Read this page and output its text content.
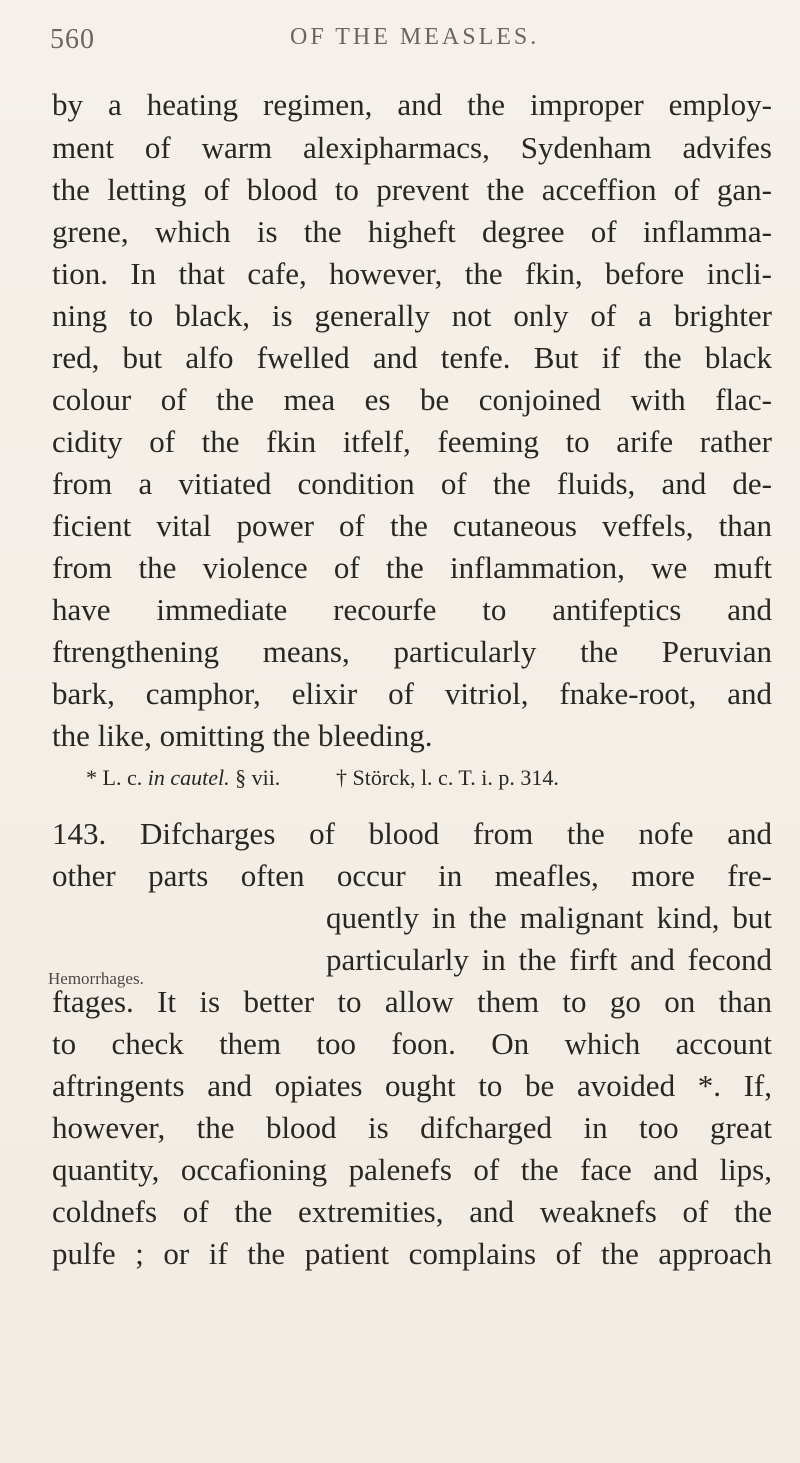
560	OF THE MEASLES.
by a heating regimen, and the improper employ-
ment of warm alexipharmacs, Sydenham advifes
the letting of blood to prevent the acceffion of gan-
grene, which is the higheft degree of inflamma-
tion. In that cafe, however, the fkin, before incli-
ning to black, is generally not only of a brighter
red, but alfo fwelled and tenfe. But if the black
colour of the mea es be conjoined with flac-
cidity of the fkin itfelf, feeming to arife rather
from a vitiated condition of the fluids, and de-
ficient vital power of the cutaneous veffels, than
from the violence of the inflammation, we muft
have immediate recourfe to antifeptics and
ftrengthening means, particularly the Peruvian
bark, camphor, elixir of vitriol, fnake-root, and
the like, omitting the bleeding.
* L. c. in cautel. § vii.	† Störck, l. c. T. i. p. 314.
143. Difcharges of blood from the nofe and
other parts often occur in meafles, more fre-
quently in the malignant kind, but
Hemorrhages.
particularly in the firft and fecond
ftages. It is better to allow them to go on than
to check them too foon. On which account
aftringents and opiates ought to be avoided *. If,
however, the blood is difcharged in too great
quantity, occafioning palenefs of the face and lips,
coldnefs of the extremities, and weaknefs of the
pulfe ; or if the patient complains of the approach
